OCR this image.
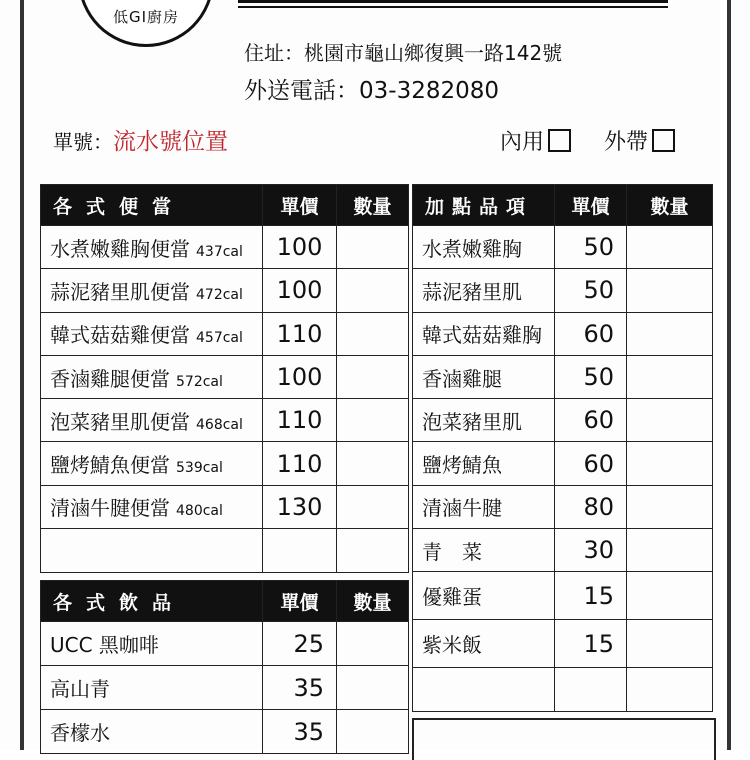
低GI廚房
住址：桃園市龜山鄉復興一路142號
外送電話：03-3282080
單號：流水號位置	內用	外帶
各式便當	單價	數量
水煮嫩雞胸便當 437cal	100	
蒜泥豬里肌便當 472cal	100	
韓式菇菇雞便當 457cal	110	
香滷雞腿便當 572cal	100	
泡菜豬里肌便當 468cal	110	
鹽烤鯖魚便當 539cal	110	
清滷牛腱便當 480cal	130	

各式飲品	單價	數量
UCC 黑咖啡	25	
高山青	35	
香檬水	35	
加點品項	單價	數量
水煮嫩雞胸	50	
蒜泥豬里肌	50	
韓式菇菇雞胸	60	
香滷雞腿	50	
泡菜豬里肌	60	
鹽烤鯖魚	60	
清滷牛腱	80	
青　菜	30	
優雞蛋	15	
紫米飯	15	
